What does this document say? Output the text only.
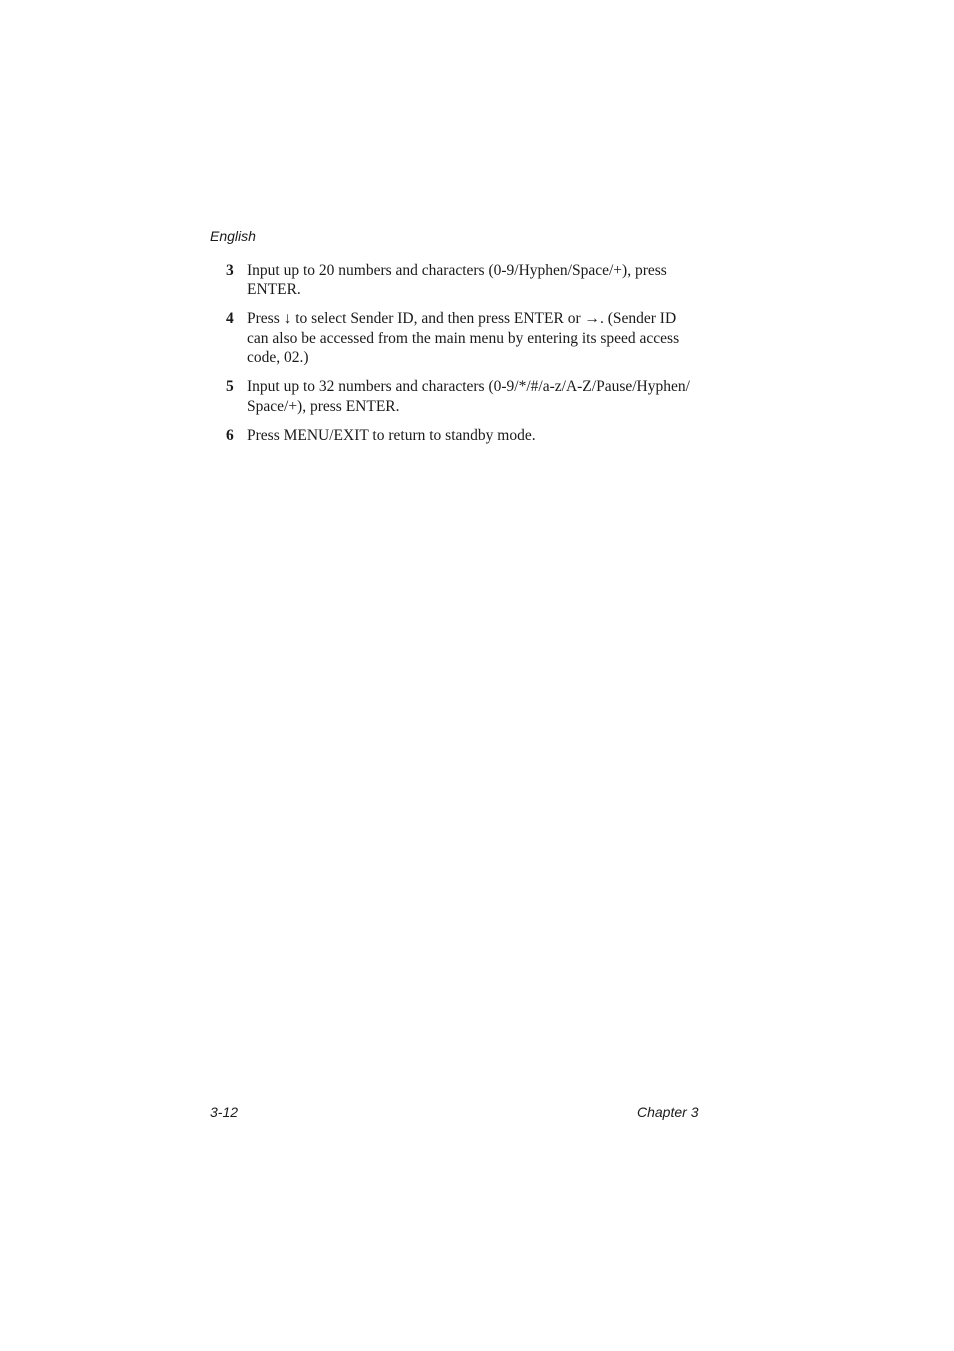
English
3 Input up to 20 numbers and characters (0-9/Hyphen/Space/+), press
ENTER.
4 Press ↓ to select Sender ID, and then press ENTER or →. (Sender ID
can also be accessed from the main menu by entering its speed access
code, 02.)
5 Input up to 32 numbers and characters (0-9/*/#/a-z/A-Z/Pause/Hyphen/
Space/+), press ENTER.
6 Press MENU/EXIT to return to standby mode.
3-12	Chapter 3
